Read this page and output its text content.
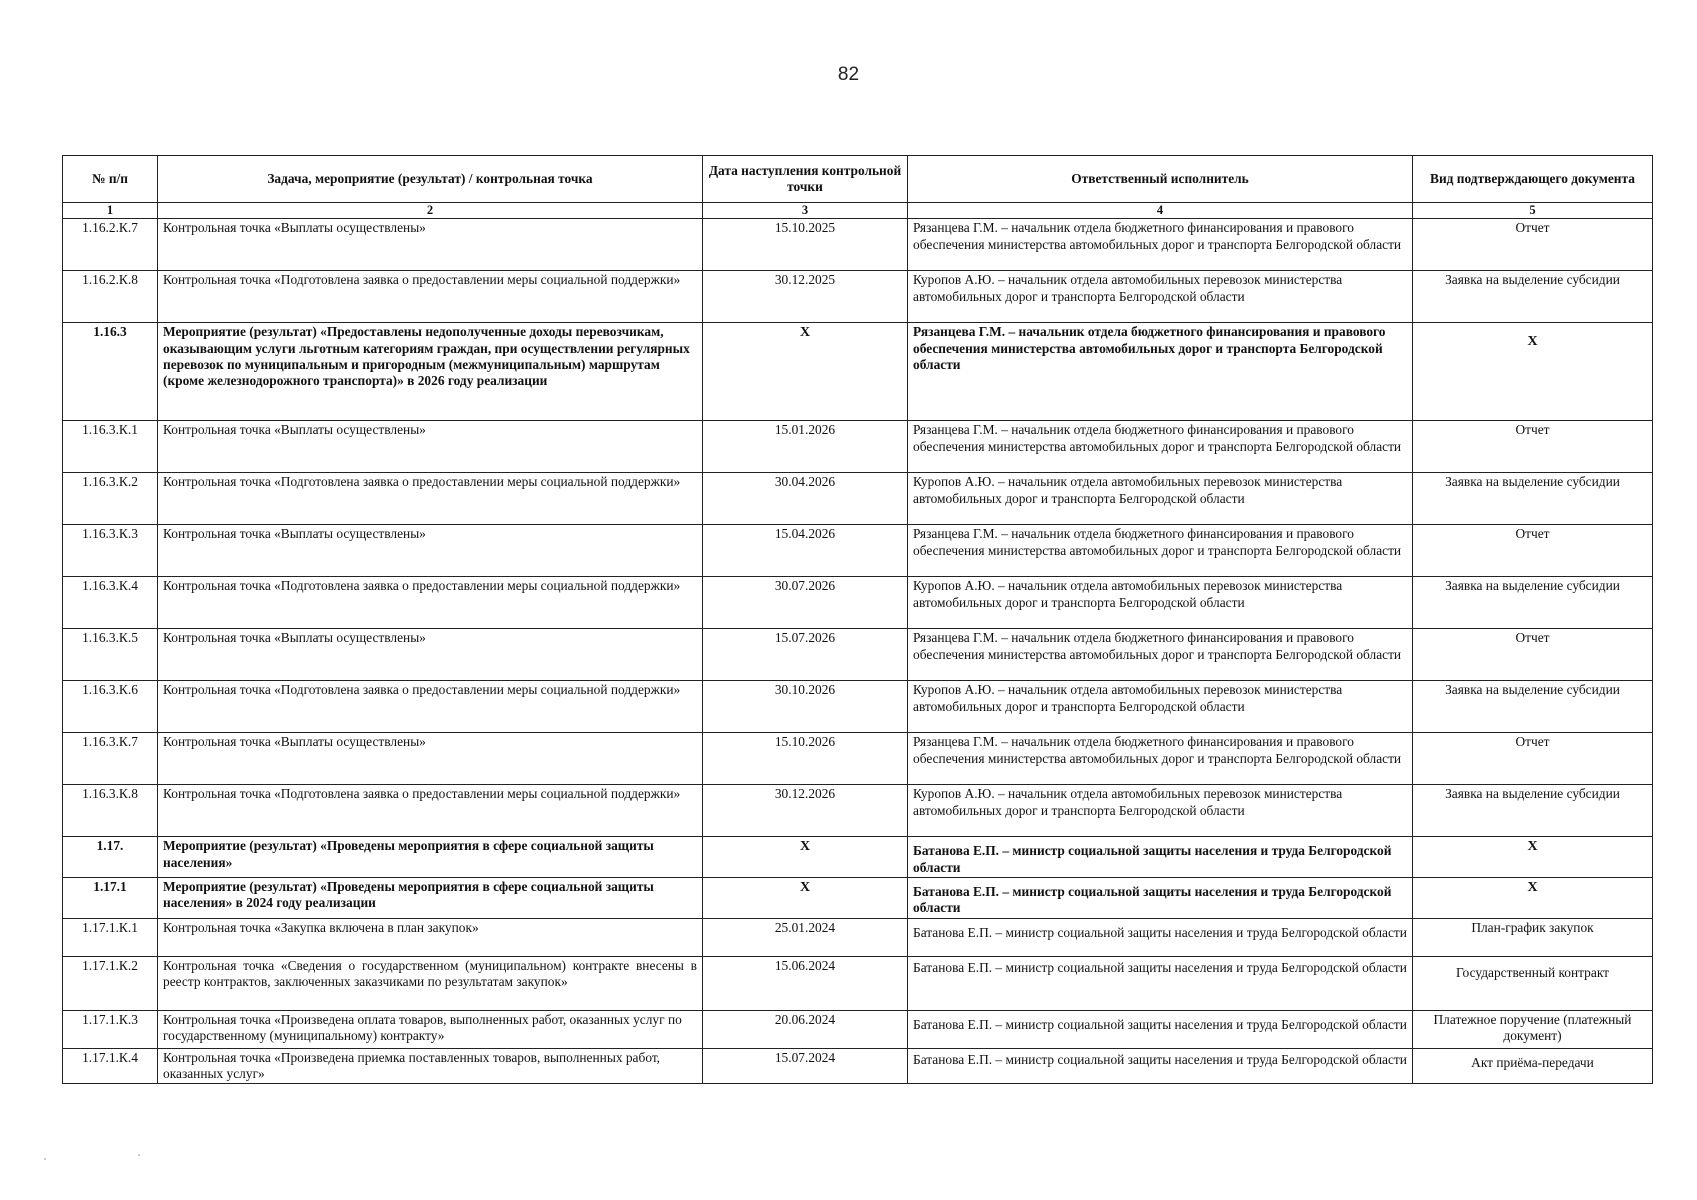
82
№ п/п	Задача, мероприятие (результат) / контрольная точка	Дата наступления контрольной точки	Ответственный исполнитель	Вид подтверждающего документа
1	2	3	4	5
1.16.2.К.7	Контрольная точка «Выплаты осуществлены»	15.10.2025	Рязанцева Г.М. – начальник отдела бюджетного финансирования и правового обеспечения министерства автомобильных дорог и транспорта Белгородской области	Отчет
1.16.2.К.8	Контрольная точка «Подготовлена заявка о предоставлении меры социальной поддержки»	30.12.2025	Куропов А.Ю. – начальник отдела автомобильных перевозок министерства автомобильных дорог и транспорта Белгородской области	Заявка на выделение субсидии
1.16.3	Мероприятие (результат) «Предоставлены недополученные доходы перевозчикам, оказывающим услуги льготным категориям граждан, при осуществлении регулярных перевозок по муниципальным и пригородным (межмуниципальным) маршрутам (кроме железнодорожного транспорта)» в 2026 году реализации	Х	Рязанцева Г.М. – начальник отдела бюджетного финансирования и правового обеспечения министерства автомобильных дорог и транспорта Белгородской области	Х
1.16.3.К.1	Контрольная точка «Выплаты осуществлены»	15.01.2026	Рязанцева Г.М. – начальник отдела бюджетного финансирования и правового обеспечения министерства автомобильных дорог и транспорта Белгородской области	Отчет
1.16.3.К.2	Контрольная точка «Подготовлена заявка о предоставлении меры социальной поддержки»	30.04.2026	Куропов А.Ю. – начальник отдела автомобильных перевозок министерства автомобильных дорог и транспорта Белгородской области	Заявка на выделение субсидии
1.16.3.К.3	Контрольная точка «Выплаты осуществлены»	15.04.2026	Рязанцева Г.М. – начальник отдела бюджетного финансирования и правового обеспечения министерства автомобильных дорог и транспорта Белгородской области	Отчет
1.16.3.К.4	Контрольная точка «Подготовлена заявка о предоставлении меры социальной поддержки»	30.07.2026	Куропов А.Ю. – начальник отдела автомобильных перевозок министерства автомобильных дорог и транспорта Белгородской области	Заявка на выделение субсидии
1.16.3.К.5	Контрольная точка «Выплаты осуществлены»	15.07.2026	Рязанцева Г.М. – начальник отдела бюджетного финансирования и правового обеспечения министерства автомобильных дорог и транспорта Белгородской области	Отчет
1.16.3.К.6	Контрольная точка «Подготовлена заявка о предоставлении меры социальной поддержки»	30.10.2026	Куропов А.Ю. – начальник отдела автомобильных перевозок министерства автомобильных дорог и транспорта Белгородской области	Заявка на выделение субсидии
1.16.3.К.7	Контрольная точка «Выплаты осуществлены»	15.10.2026	Рязанцева Г.М. – начальник отдела бюджетного финансирования и правового обеспечения министерства автомобильных дорог и транспорта Белгородской области	Отчет
1.16.3.К.8	Контрольная точка «Подготовлена заявка о предоставлении меры социальной поддержки»	30.12.2026	Куропов А.Ю. – начальник отдела автомобильных перевозок министерства автомобильных дорог и транспорта Белгородской области	Заявка на выделение субсидии
1.17.	Мероприятие (результат) «Проведены мероприятия в сфере социальной защиты населения»	Х	Батанова Е.П. – министр социальной защиты населения и труда Белгородской области	Х
1.17.1	Мероприятие (результат) «Проведены мероприятия в сфере социальной защиты населения» в 2024 году реализации	Х	Батанова Е.П. – министр социальной защиты населения и труда Белгородской области	Х
1.17.1.К.1	Контрольная точка «Закупка включена в план закупок»	25.01.2024	Батанова Е.П. – министр социальной защиты населения и труда Белгородской области	План-график закупок
1.17.1.К.2	Контрольная точка «Сведения о государственном (муниципальном) контракте внесены в реестр контрактов, заключенных заказчиками по результатам закупок»	15.06.2024	Батанова Е.П. – министр социальной защиты населения и труда Белгородской области	Государственный контракт
1.17.1.К.3	Контрольная точка «Произведена оплата товаров, выполненных работ, оказанных услуг по государственному (муниципальному) контракту»	20.06.2024	Батанова Е.П. – министр социальной защиты населения и труда Белгородской области	Платежное поручение (платежный документ)
1.17.1.К.4	Контрольная точка «Произведена приемка поставленных товаров, выполненных работ, оказанных услуг»	15.07.2024	Батанова Е.П. – министр социальной защиты населения и труда Белгородской области	Акт приёма-передачи
